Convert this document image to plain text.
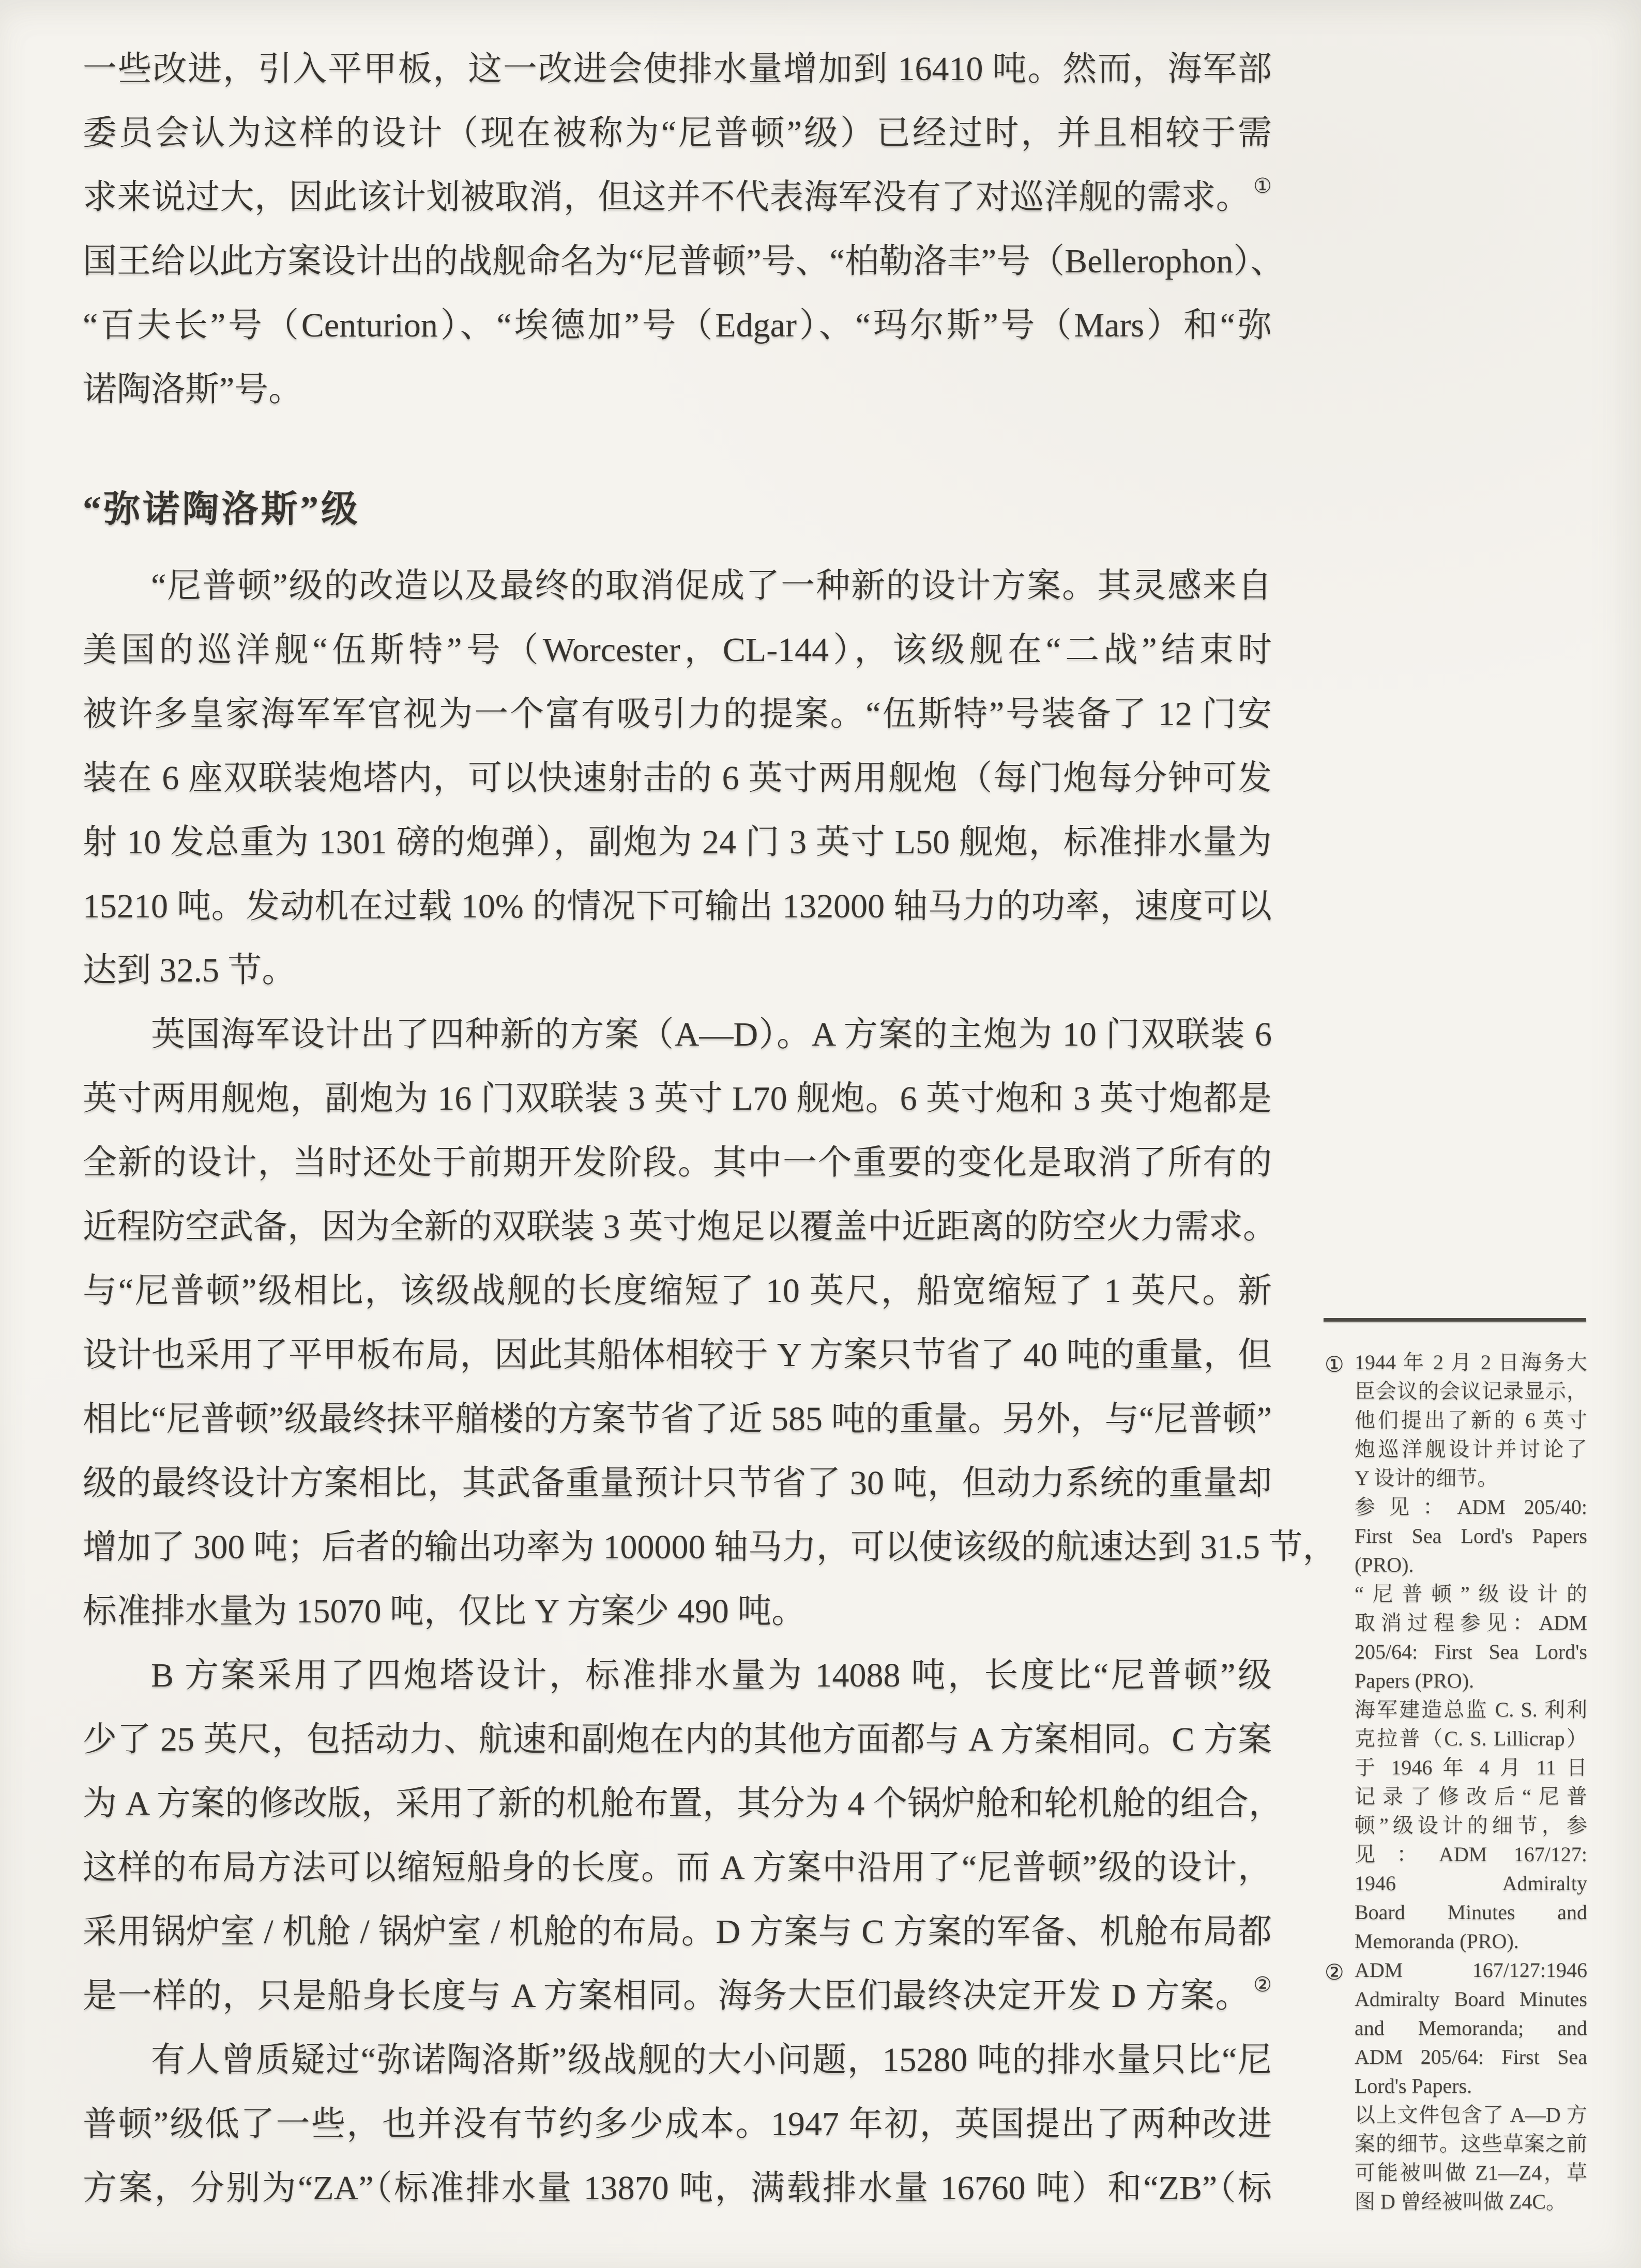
一些改进，引入平甲板，这一改进会使排水量增加到 16410 吨。然而，海军部
委员会认为这样的设计（现在被称为“尼普顿”级）已经过时，并且相较于需
求来说过大，因此该计划被取消，但这并不代表海军没有了对巡洋舰的需求。 ①
国王给以此方案设计出的战舰命名为“尼普顿”号、“柏勒洛丰”号（Bellerophon）、
“百夫长”号（Centurion）、“埃德加”号（Edgar）、“玛尔斯”号（Mars）和“弥
诺陶洛斯”号。
“弥诺陶洛斯”级
“尼普顿”级的改造以及最终的取消促成了一种新的设计方案。其灵感来自
美国的巡洋舰“伍斯特”号（Worcester，CL-144），该级舰在“二战”结束时
被许多皇家海军军官视为一个富有吸引力的提案。“伍斯特”号装备了 12 门安
装在 6 座双联装炮塔内，可以快速射击的 6 英寸两用舰炮（每门炮每分钟可发
射 10 发总重为 1301 磅的炮弹），副炮为 24 门 3 英寸 L50 舰炮，标准排水量为
15210 吨。发动机在过载 10% 的情况下可输出 132000 轴马力的功率，速度可以
达到 32.5 节。
英国海军设计出了四种新的方案（A—D）。A 方案的主炮为 10 门双联装 6
英寸两用舰炮，副炮为 16 门双联装 3 英寸 L70 舰炮。6 英寸炮和 3 英寸炮都是
全新的设计，当时还处于前期开发阶段。其中一个重要的变化是取消了所有的
近程防空武备，因为全新的双联装 3 英寸炮足以覆盖中近距离的防空火力需求。
与“尼普顿”级相比，该级战舰的长度缩短了 10 英尺，船宽缩短了 1 英尺。新
设计也采用了平甲板布局，因此其船体相较于 Y 方案只节省了 40 吨的重量，但
相比“尼普顿”级最终抹平艏楼的方案节省了近 585 吨的重量。另外，与“尼普顿”
级的最终设计方案相比，其武备重量预计只节省了 30 吨，但动力系统的重量却
增加了 300 吨；后者的输出功率为 100000 轴马力，可以使该级的航速达到 31.5 节，
标准排水量为 15070 吨，仅比 Y 方案少 490 吨。
B 方案采用了四炮塔设计，标准排水量为 14088 吨，长度比“尼普顿”级
少了 25 英尺，包括动力、航速和副炮在内的其他方面都与 A 方案相同。C 方案
为 A 方案的修改版，采用了新的机舱布置，其分为 4 个锅炉舱和轮机舱的组合，
这样的布局方法可以缩短船身的长度。而 A 方案中沿用了“尼普顿”级的设计，
采用锅炉室 / 机舱 / 锅炉室 / 机舱的布局。D 方案与 C 方案的军备、机舱布局都
是一样的，只是船身长度与 A 方案相同。海务大臣们最终决定开发 D 方案。 ②
有人曾质疑过“弥诺陶洛斯”级战舰的大小问题，15280 吨的排水量只比“尼
普顿”级低了一些，也并没有节约多少成本。1947 年初，英国提出了两种改进
方案，分别为“ZA”（标准排水量 13870 吨，满载排水量 16760 吨）和“ZB”（标
① 1944 年 2 月 2 日海务大
臣会议的会议记录显示，
他们提出了新的 6 英寸
炮巡洋舰设计并讨论了
Y 设计的细节。
参见：ADM 205/40:
First Sea Lord's Papers
(PRO).
“尼普顿”级设计的
取消过程参见：ADM
205/64: First Sea Lord's
Papers (PRO).
海军建造总监 C. S. 利利
克拉普（C. S. Lillicrap）
于 1946 年 4 月 11 日
记录了修改后“尼普
顿”级设计的细节，参
见：ADM 167/127:
1946 Admiralty
Board Minutes and
Memoranda (PRO).
② ADM 167/127:1946
Admiralty Board Minutes
and Memoranda; and
ADM 205/64: First Sea
Lord's Papers.
以上文件包含了 A—D 方
案的细节。这些草案之前
可能被叫做 Z1—Z4，草
图 D 曾经被叫做 Z4C。
